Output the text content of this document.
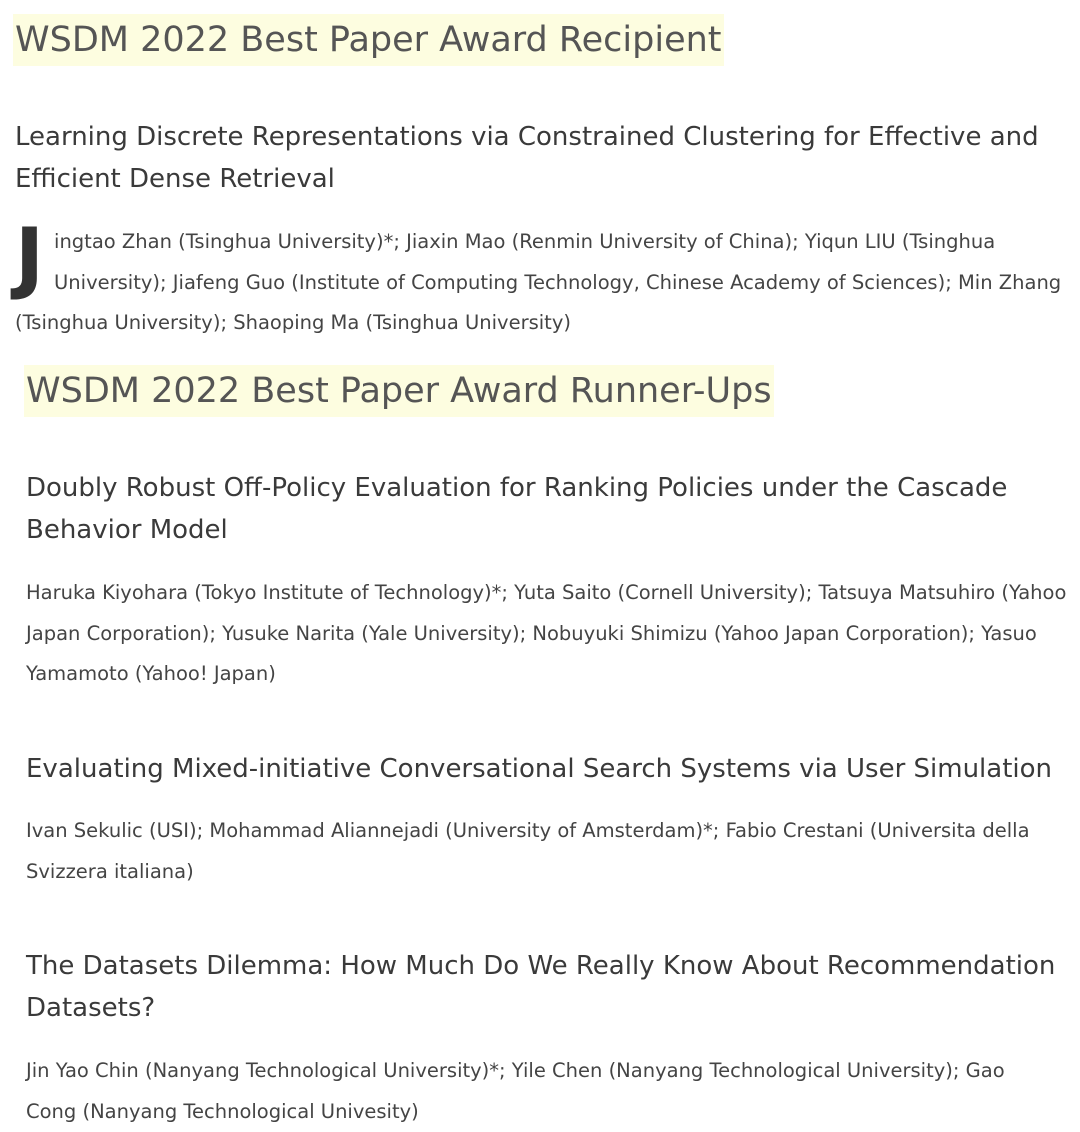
WSDM 2022 Best Paper Award Recipient
Learning Discrete Representations via Constrained Clustering for Effective and Efficient Dense Retrieval

Jingtao Zhan (Tsinghua University)*; Jiaxin Mao (Renmin University of China); Yiqun LIU (Tsinghua University); Jiafeng Guo (Institute of Computing Technology, Chinese Academy of Sciences); Min Zhang (Tsinghua University); Shaoping Ma (Tsinghua University)

WSDM 2022 Best Paper Award Runner-Ups
Doubly Robust Off-Policy Evaluation for Ranking Policies under the Cascade Behavior Model

Haruka Kiyohara (Tokyo Institute of Technology)*; Yuta Saito (Cornell University); Tatsuya Matsuhiro (Yahoo Japan Corporation); Yusuke Narita (Yale University); Nobuyuki Shimizu (Yahoo Japan Corporation); Yasuo Yamamoto (Yahoo! Japan)

Evaluating Mixed-initiative Conversational Search Systems via User Simulation

Ivan Sekulic (USI); Mohammad Aliannejadi (University of Amsterdam)*; Fabio Crestani (Universita della Svizzera italiana)

The Datasets Dilemma: How Much Do We Really Know About Recommendation Datasets?

Jin Yao Chin (Nanyang Technological University)*; Yile Chen (Nanyang Technological University); Gao Cong (Nanyang Technological Univesity)
